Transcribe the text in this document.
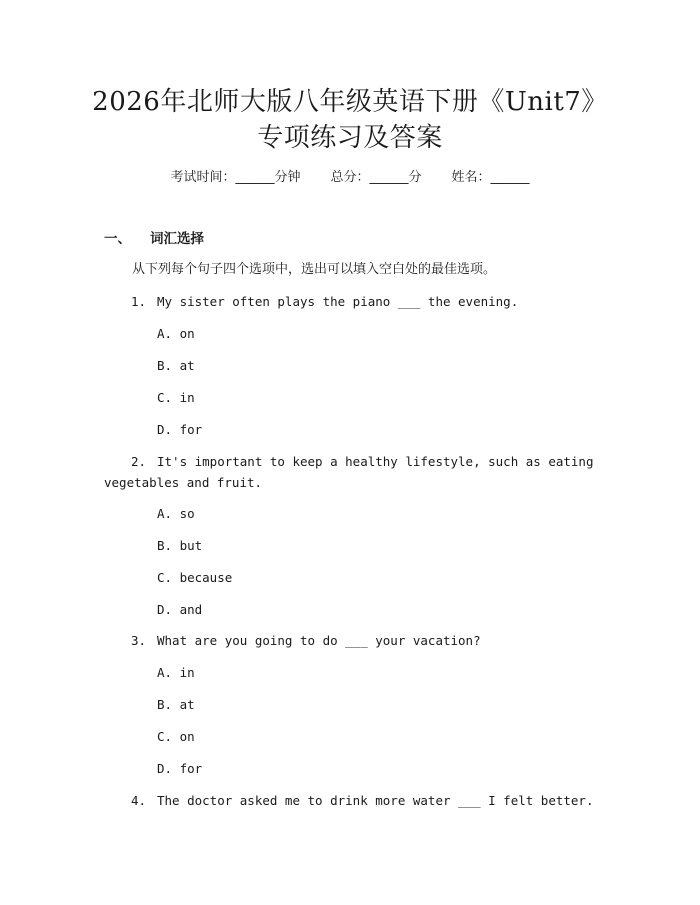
2026年北师大版八年级英语下册《Unit7》
专项练习及答案
考试时间：______分钟 总分：______分 姓名：______
一、 词汇选择
从下列每个句子四个选项中，选出可以填入空白处的最佳选项。
1. My sister often plays the piano ___ the evening.
A. on
B. at
C. in
D. for
2. It's important to keep a healthy lifestyle, such as eating
vegetables and fruit.
A. so
B. but
C. because
D. and
3. What are you going to do ___ your vacation?
A. in
B. at
C. on
D. for
4. The doctor asked me to drink more water ___ I felt better.
